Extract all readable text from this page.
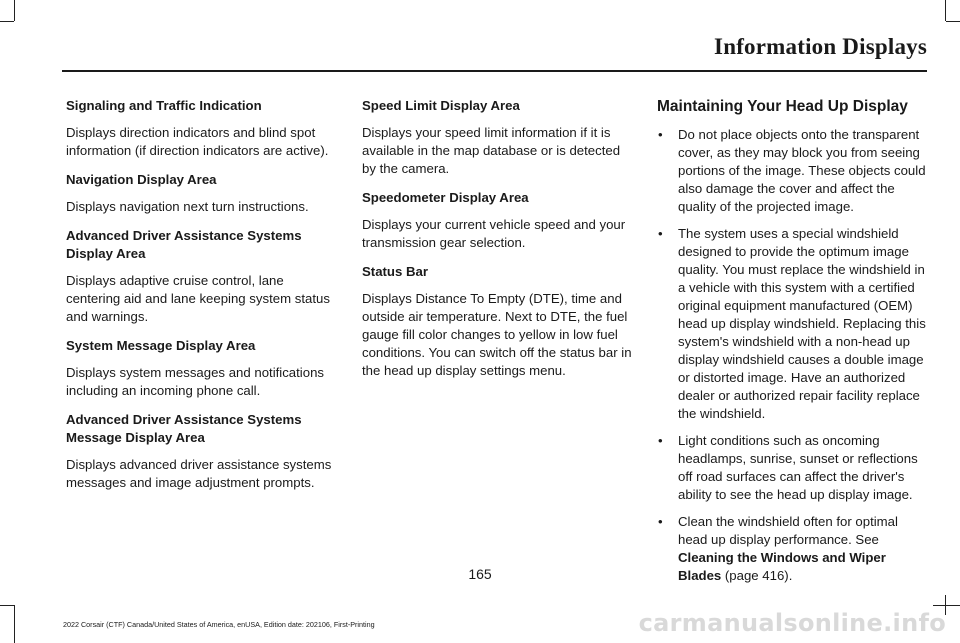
Information Displays

Signaling and Traffic Indication

Displays direction indicators and blind spot information (if direction indicators are active).

Navigation Display Area

Displays navigation next turn instructions.

Advanced Driver Assistance Systems Display Area

Displays adaptive cruise control, lane centering aid and lane keeping system status and warnings.

System Message Display Area

Displays system messages and notifications including an incoming phone call.

Advanced Driver Assistance Systems Message Display Area

Displays advanced driver assistance systems messages and image adjustment prompts.

Speed Limit Display Area

Displays your speed limit information if it is available in the map database or is detected by the camera.

Speedometer Display Area

Displays your current vehicle speed and your transmission gear selection.

Status Bar

Displays Distance To Empty (DTE), time and outside air temperature. Next to DTE, the fuel gauge fill color changes to yellow in low fuel conditions. You can switch off the status bar in the head up display settings menu.

Maintaining Your Head Up Display

• Do not place objects onto the transparent cover, as they may block you from seeing portions of the image. These objects could also damage the cover and affect the quality of the projected image.
• The system uses a special windshield designed to provide the optimum image quality. You must replace the windshield in a vehicle with this system with a certified original equipment manufactured (OEM) head up display windshield. Replacing this system's windshield with a non-head up display windshield causes a double image or distorted image. Have an authorized dealer or authorized repair facility replace the windshield.
• Light conditions such as oncoming headlamps, sunrise, sunset or reflections off road surfaces can affect the driver's ability to see the head up display image.
• Clean the windshield often for optimal head up display performance. See Cleaning the Windows and Wiper Blades (page 416).
165
2022 Corsair (CTF) Canada/United States of America, enUSA, Edition date: 202106, First-Printing	carmanualsonline.info
